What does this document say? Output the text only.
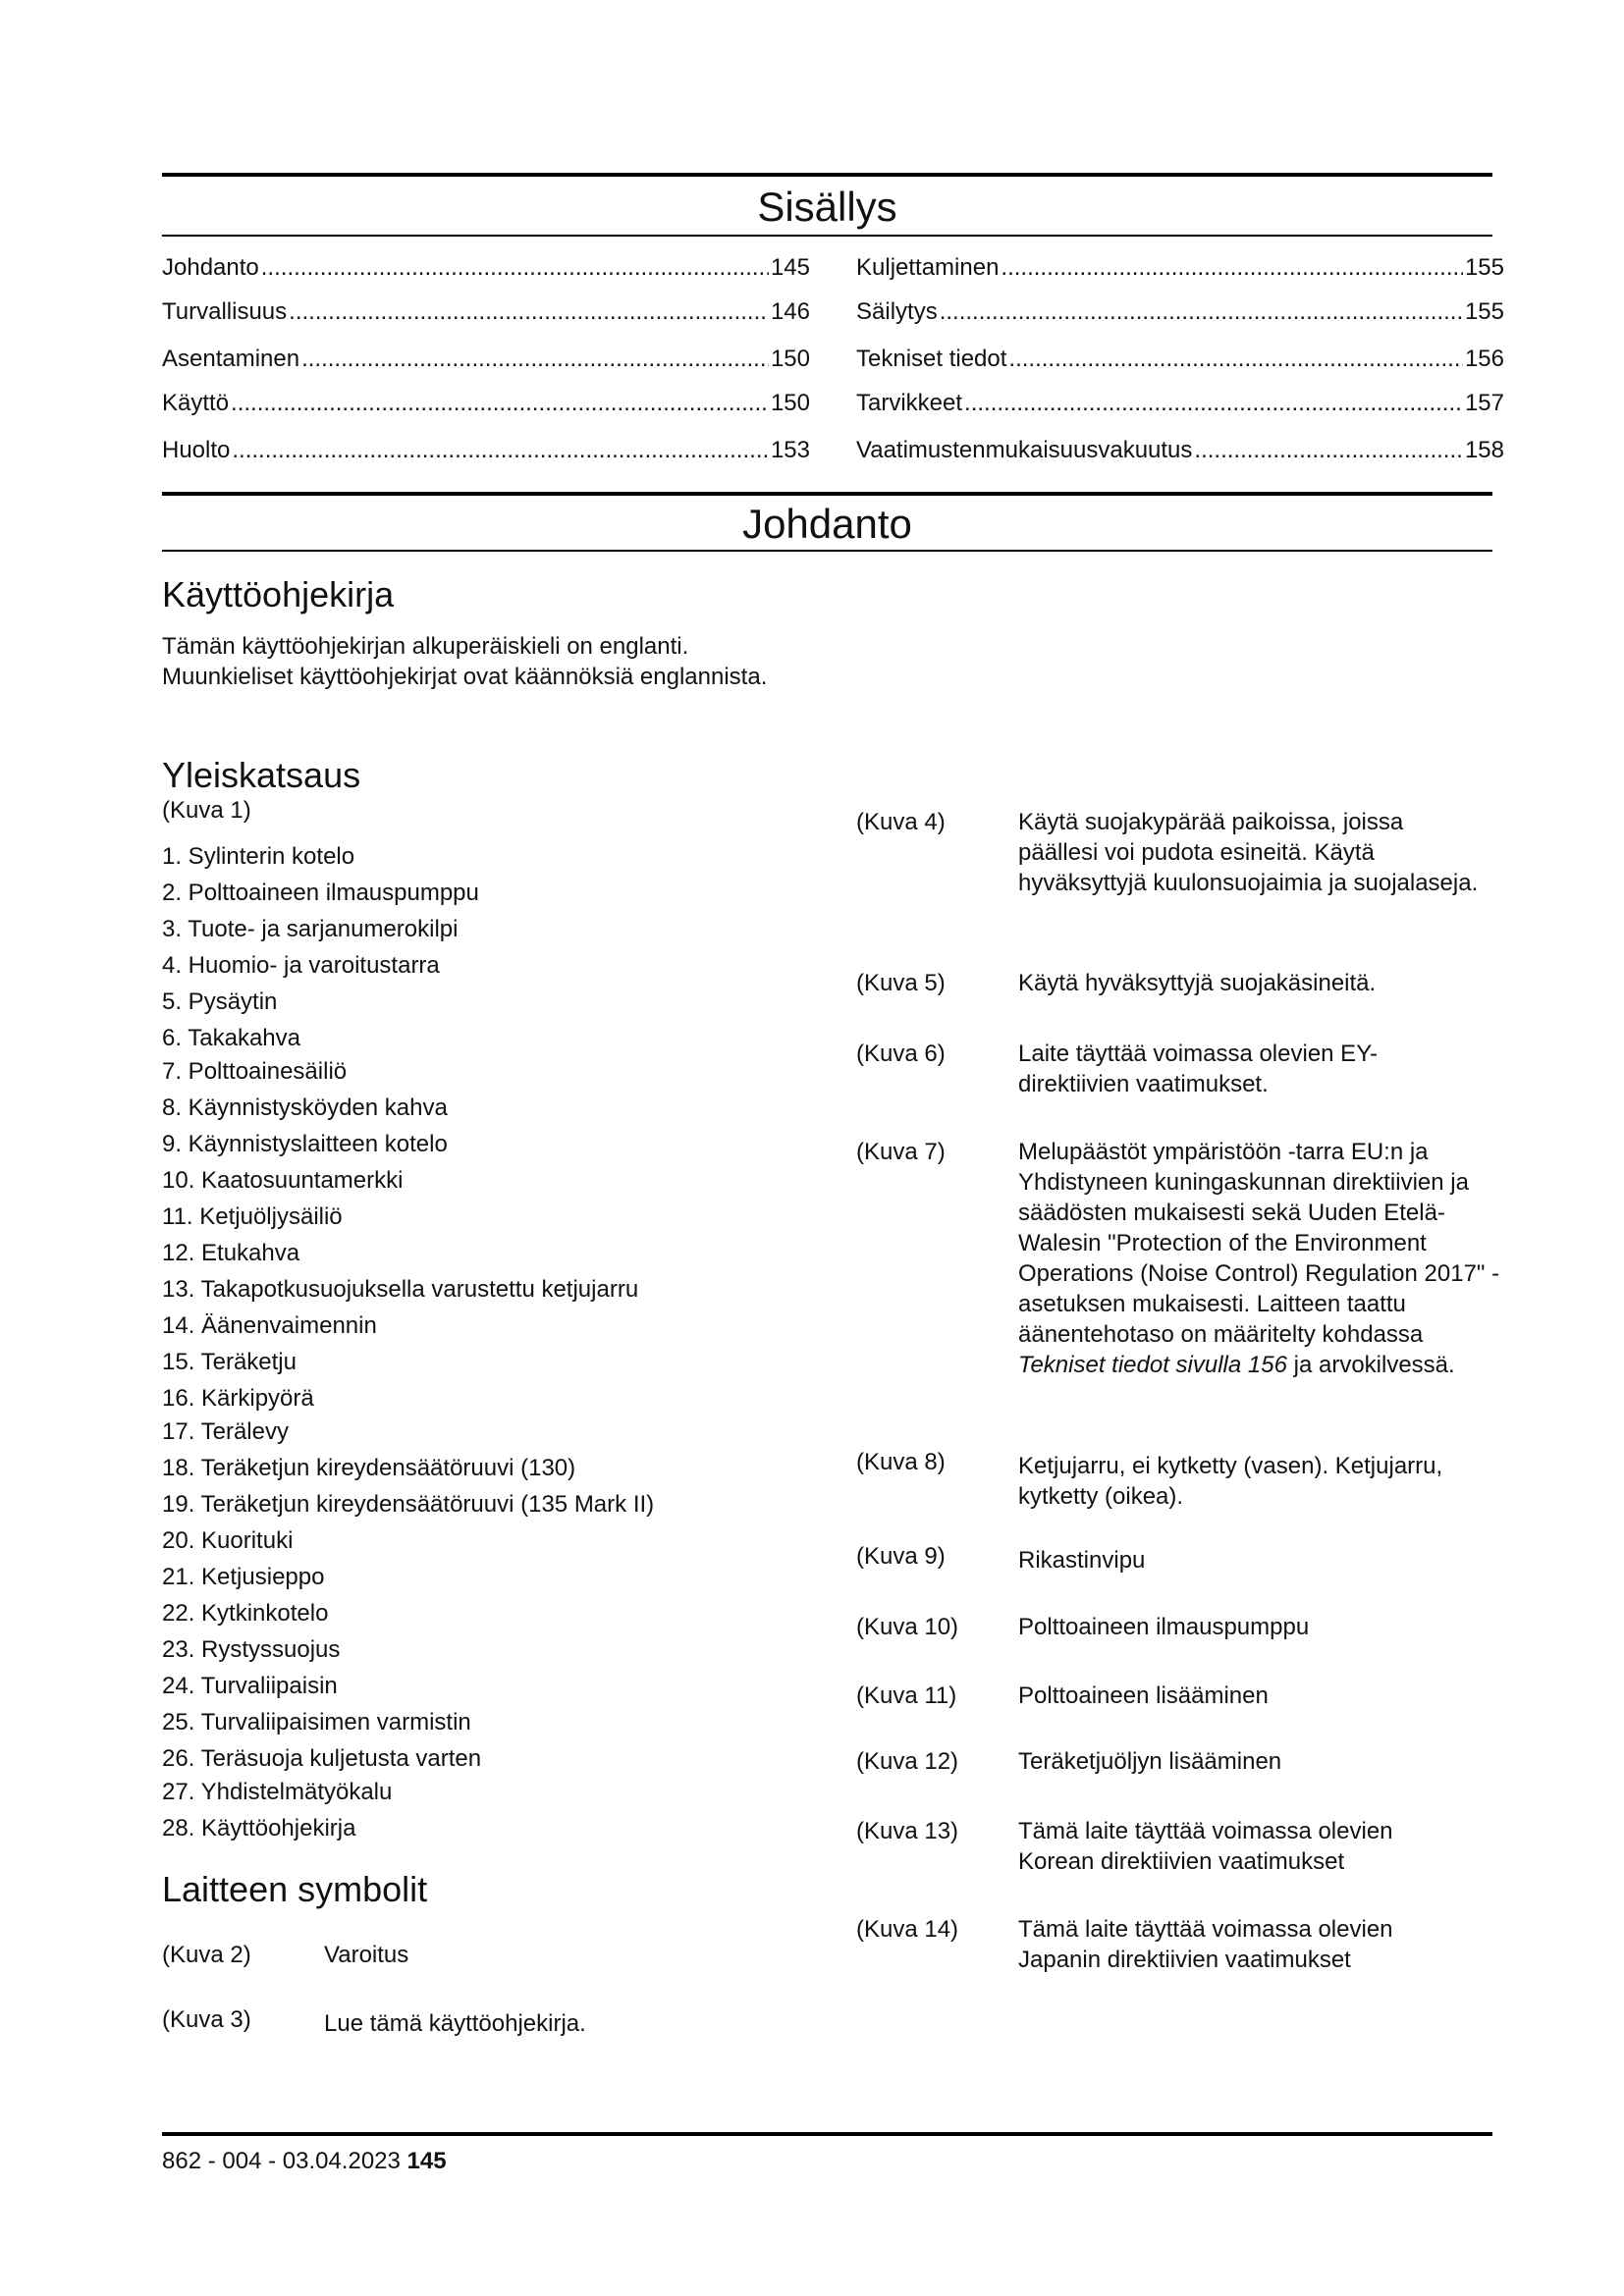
Sisällys
Johdanto .....	145
Turvallisuus .....	146
Asentaminen .....	150
Käyttö .....	150
Huolto .....	153
Kuljettaminen .....	155
Säilytys .....	155
Tekniset tiedot .....	156
Tarvikkeet .....	157
Vaatimustenmukaisuusvakuutus .....	158
Johdanto
Käyttöohjekirja
Tämän käyttöohjekirjan alkuperäiskieli on englanti. Muunkieliset käyttöohjekirjat ovat käännöksiä englannista.
Yleiskatsaus
(Kuva 1)
1. Sylinterin kotelo
2. Polttoaineen ilmauspumppu
3. Tuote- ja sarjanumerokilpi
4. Huomio- ja varoitustarra
5. Pysäytin
6. Takakahva
7. Polttoainesäiliö
8. Käynnistysköyden kahva
9. Käynnistyslaitteen kotelo
10. Kaatosuuntamerkki
11. Ketjuöljysäiliö
12. Etukahva
13. Takapotkusuojuksella varustettu ketjujarru
14. Äänenvaimennin
15. Teräketju
16. Kärkipyörä
17. Terälevy
18. Teräketjun kireydensäätöruuvi (130)
19. Teräketjun kireydensäätöruuvi (135 Mark II)
20. Kuorituki
21. Ketjusieppo
22. Kytkinkotelo
23. Rystyssuojus
24. Turvaliipaisin
25. Turvaliipaisimen varmistin
26. Teräsuoja kuljetusta varten
27. Yhdistelmätyökalu
28. Käyttöohjekirja
Laitteen symbolit
(Kuva 2)	Varoitus
(Kuva 3)	Lue tämä käyttöohjekirja.
(Kuva 4)	Käytä suojakypärää paikoissa, joissa päällesi voi pudota esineitä. Käytä hyväksyttyjä kuulonsuojaimia ja suojalaseja.
(Kuva 5)	Käytä hyväksyttyjä suojakäsineitä.
(Kuva 6)	Laite täyttää voimassa olevien EY-direktiivien vaatimukset.
(Kuva 7)	Melupäästöt ympäristöön -tarra EU:n ja Yhdistyneen kuningaskunnan direktiivien ja säädösten mukaisesti sekä Uuden Etelä-Walesin "Protection of the Environment Operations (Noise Control) Regulation 2017" -asetuksen mukaisesti. Laitteen taattu äänentehotaso on määritelty kohdassa Tekniset tiedot sivulla 156 ja arvokilvessä.
(Kuva 8)	Ketjujarru, ei kytketty (vasen). Ketjujarru, kytketty (oikea).
(Kuva 9)	Rikastinvipu
(Kuva 10)	Polttoaineen ilmauspumppu
(Kuva 11)	Polttoaineen lisääminen
(Kuva 12)	Teräketjuöljyn lisääminen
(Kuva 13)	Tämä laite täyttää voimassa olevien Korean direktiivien vaatimukset
(Kuva 14)	Tämä laite täyttää voimassa olevien Japanin direktiivien vaatimukset
862 - 004 - 03.04.2023 145
